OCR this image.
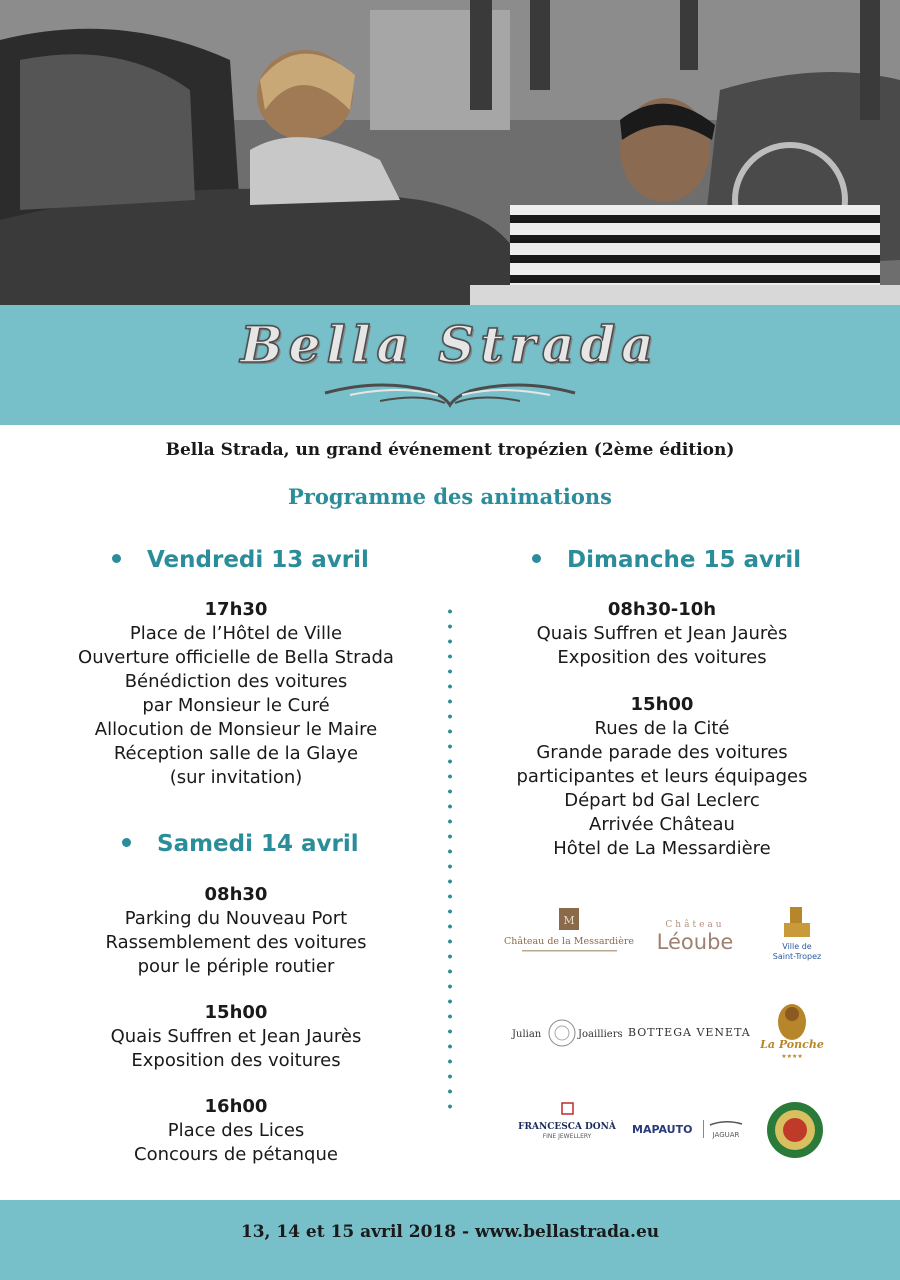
Bella Strada
Bella Strada, un grand événement tropézien (2ème édition)
Programme des animations
Vendredi 13 avril
17h30
Place de l’Hôtel de Ville
Ouverture officielle de Bella Strada
Bénédiction des voitures
par Monsieur le Curé
Allocution de Monsieur le Maire
Réception salle de la Glaye
(sur invitation)
Samedi 14 avril
08h30
Parking du Nouveau Port
Rassemblement des voitures
pour le périple routier
15h00
Quais Suffren et Jean Jaurès
Exposition des voitures
16h00
Place des Lices
Concours de pétanque
Dimanche 15 avril
08h30-10h
Quais Suffren et Jean Jaurès
Exposition des voitures
15h00
Rues de la Cité
Grande parade des voitures
participantes et leurs équipages
Départ bd Gal Leclerc
Arrivée Château
Hôtel de La Messardière
M
Château de la Messardière
Château
Léoube	Ville de
Saint-Tropez
Julian	Joailliers BOTTEGA VENETA
La Ponche
★★★★
FRANCESCA DONÀ
FINE JEWELLERY
MAPAUTO	JAGUAR
13, 14 et 15 avril 2018 - www.bellastrada.eu
